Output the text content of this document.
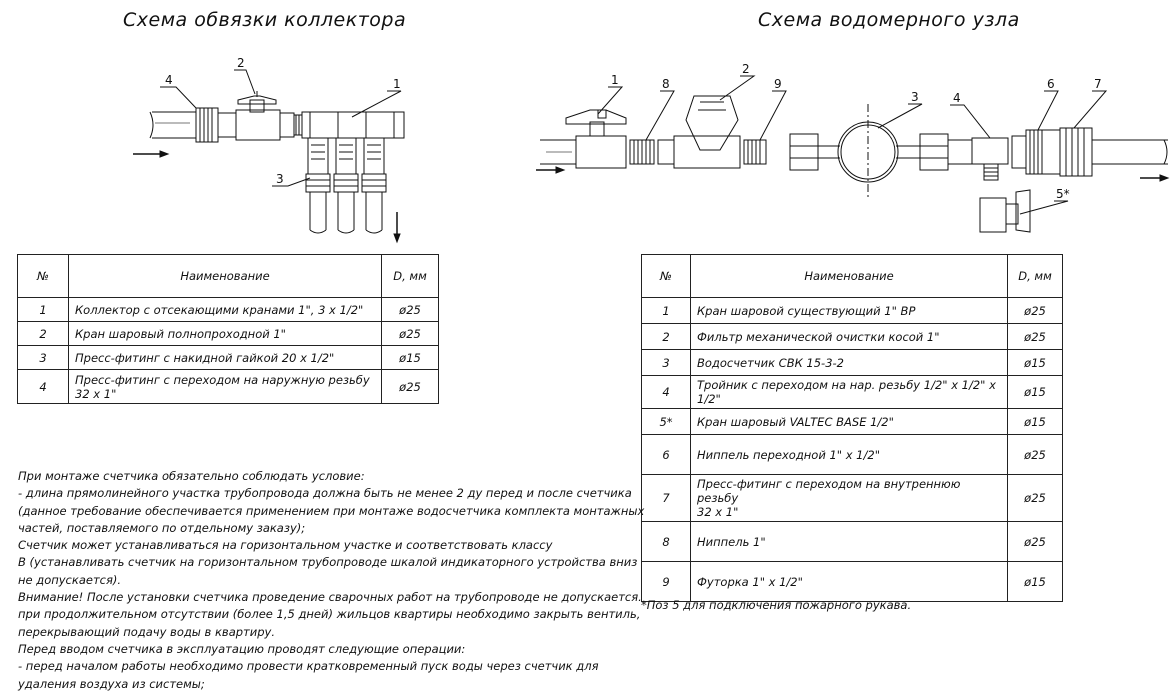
Схема обвязки коллектора	Схема водомерного узла
4
2
1
3
1	8
2
9
3	4
6	7
5*
№	Наименование	D, мм
1	Коллектор с отсекающими кранами 1", 3 x 1/2"	ø25
2	Кран шаровый полнопроходной 1"	ø25
3	Пресс-фитинг с накидной гайкой 20 x 1/2"	ø15
4	Пресс-фитинг с переходом на наружную резьбу
32 x 1"	ø25
№	Наименование	D, мм
1	Кран шаровой существующий 1" ВР	ø25
2	Фильтр механической очистки косой 1"	ø25
3	Водосчетчик СВК 15-3-2	ø15
4	Тройник с переходом на нар. резьбу 1/2" x 1/2" x 1/2"	ø15
5*	Кран шаровый VALTEC BASE 1/2"	ø15
6	Ниппель переходной 1" x 1/2"	ø25
7	Пресс-фитинг с переходом на внутреннюю резьбу
32 x 1"	ø25
8	Ниппель 1"	ø25
9	Футорка 1" x 1/2"	ø15
*Поз 5 для подключения пожарного рукава.
При монтаже счетчика обязательно соблюдать условие:
- длина прямолинейного участка трубопровода должна быть не менее 2 ду перед и после счетчика
(данное требование обеспечивается применением при монтаже водосчетчика комплекта монтажных
частей, поставляемого по отдельному заказу);
Счетчик может устанавливаться на горизонтальном участке и соответствовать классу
В (устанавливать счетчик на горизонтальном трубопроводе шкалой индикаторного устройства вниз
не допускается).
Внимание! После установки счетчика проведение сварочных работ на трубопроводе не допускается.
при продолжительном отсутствии (более 1,5 дней) жильцов квартиры необходимо закрыть вентиль,
перекрывающий подачу воды в квартиру.
Перед вводом счетчика в эксплуатацию проводят следующие операции:
- перед началом работы необходимо провести кратковременный пуск воды через счетчик для
удаления воздуха из системы;
